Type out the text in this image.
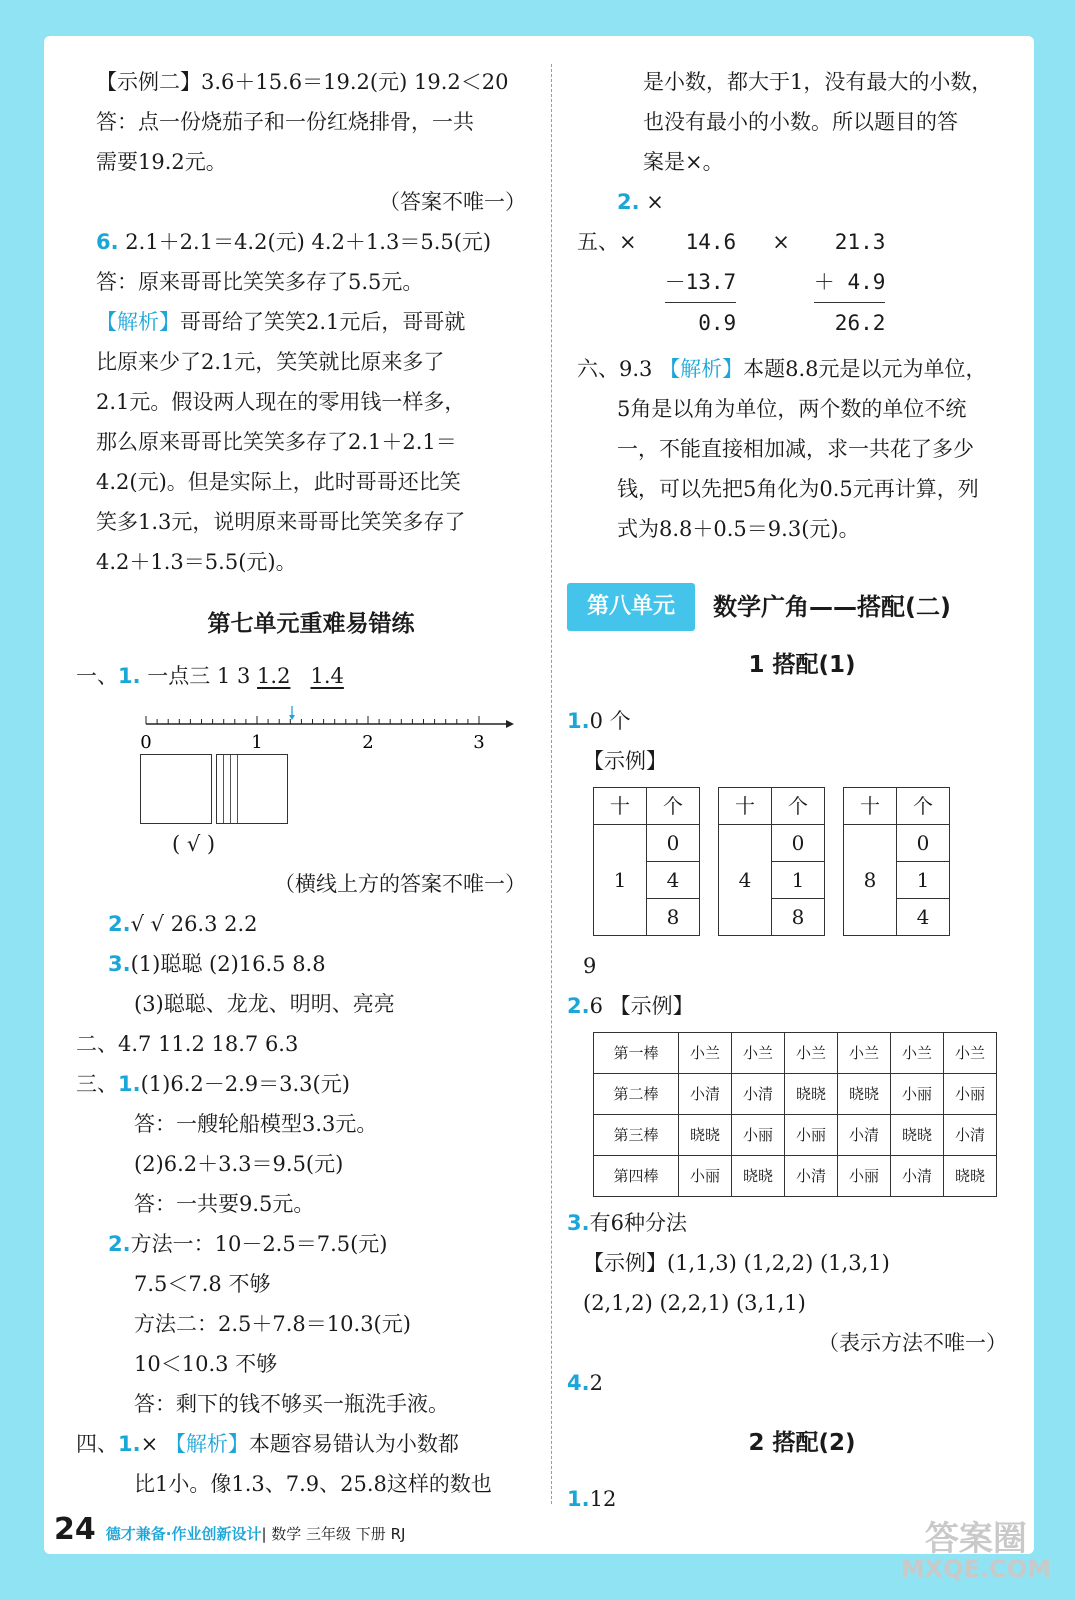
【示例二】3.6＋15.6＝19.2(元) 19.2＜20
答：点一份烧茄子和一份红烧排骨，一共
需要19.2元。
（答案不唯一）
6. 2.1＋2.1＝4.2(元) 4.2＋1.3＝5.5(元)
答：原来哥哥比笑笑多存了5.5元。
【解析】哥哥给了笑笑2.1元后，哥哥就
比原来少了2.1元，笑笑就比原来多了
2.1元。假设两人现在的零用钱一样多，
那么原来哥哥比笑笑多存了2.1＋2.1＝
4.2(元)。但是实际上，此时哥哥还比笑
笑多1.3元，说明原来哥哥比笑笑多存了
4.2＋1.3＝5.5(元)。
第七单元重难易错练
一、1. 一点三 1 3 1.2 1.4
0	1	2	3
( √ )
（横线上方的答案不唯一）
2.√ √ 26.3 2.2
3.(1)聪聪 (2)16.5 8.8
(3)聪聪、龙龙、明明、亮亮
二、4.7 11.2 18.7 6.3
三、1.(1)6.2－2.9＝3.3(元)
答：一艘轮船模型3.3元。
(2)6.2＋3.3＝9.5(元)
答：一共要9.5元。
2.方法一：10－2.5＝7.5(元)
7.5＜7.8 不够
方法二：2.5＋7.8＝10.3(元)
10＜10.3 不够
答：剩下的钱不够买一瓶洗手液。
四、1.× 【解析】本题容易错认为小数都
比1小。像1.3、7.9、25.8这样的数也
是小数，都大于1，没有最大的小数，
也没有最小的小数。所以题目的答
案是×。
2. ×
五、×	14.6
－13.7
0.9
×	21.3
＋ 4.9
26.2
六、9.3 【解析】本题8.8元是以元为单位，
5角是以角为单位，两个数的单位不统
一，不能直接相加减，求一共花了多少
钱，可以先把5角化为0.5元再计算，列
式为8.8＋0.5＝9.3(元)。
第八单元	数学广角——搭配(二)
1 搭配(1)
1.0 个
【示例】
十	个
1	0
	4
	8
十	个
4	0
	1
	8
十	个
8	0
	1
	4
9
2.6 【示例】
第一棒	小兰	小兰	小兰	小兰	小兰	小兰
第二棒	小清	小清	晓晓	晓晓	小丽	小丽
第三棒	晓晓	小丽	小丽	小清	晓晓	小清
第四棒	小丽	晓晓	小清	小丽	小清	晓晓
3.有6种分法
【示例】(1,1,3) (1,2,2) (1,3,1)
(2,1,2) (2,2,1) (3,1,1)
（表示方法不唯一）
4.2
2 搭配(2)
1.12
24 德才兼备·作业创新设计 | 数学 三年级 下册 RJ	答案圈
MXQE.COM
